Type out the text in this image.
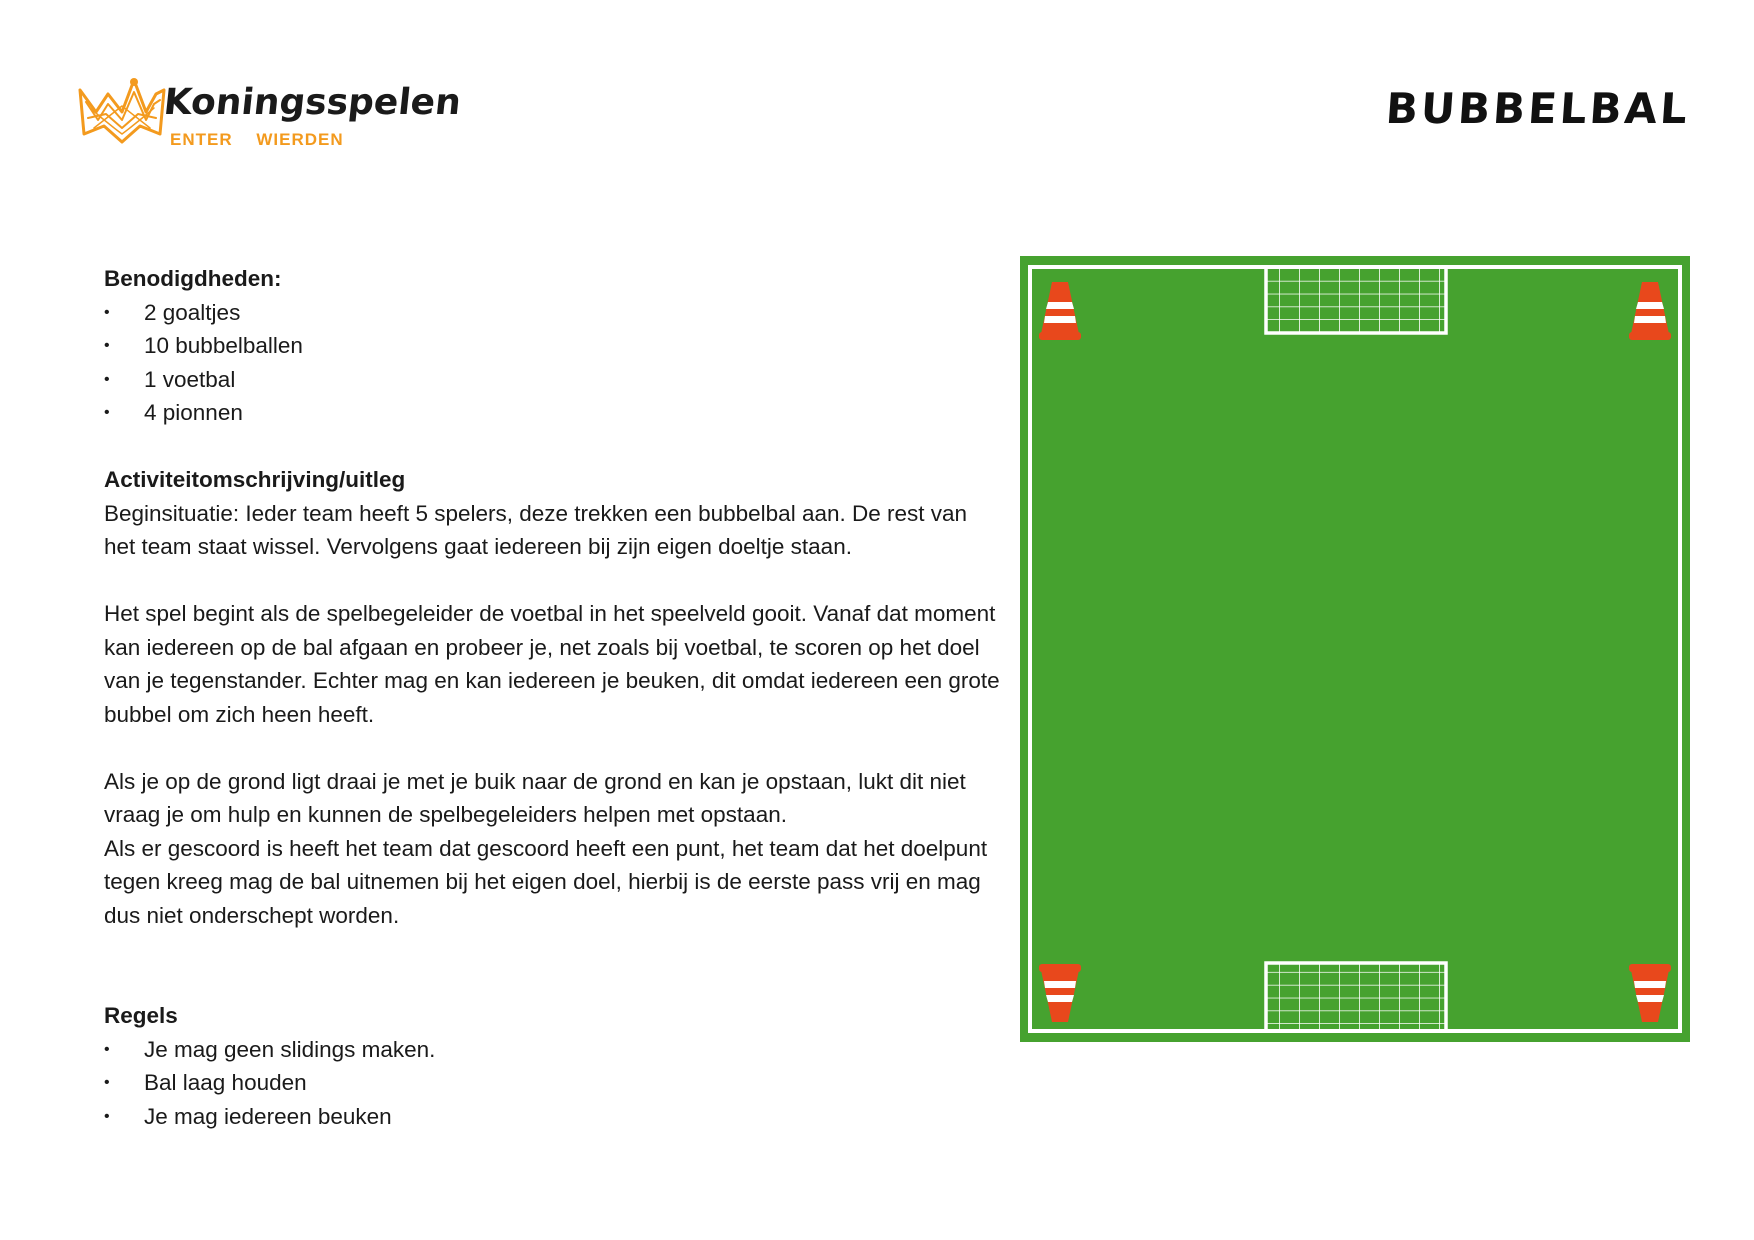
Koningsspelen
ENTER WIERDEN
BUBBELBAL
Benodigdheden:
• 2 goaltjes
• 10 bubbelballen
• 1 voetbal
• 4 pionnen
Activiteitomschrijving/uitleg

Beginsituatie: Ieder team heeft 5 spelers, deze trekken een bubbelbal aan. De rest van het team staat wissel. Vervolgens gaat iedereen bij zijn eigen doeltje staan.

Het spel begint als de spelbegeleider de voetbal in het speelveld gooit. Vanaf dat moment kan iedereen op de bal afgaan en probeer je, net zoals bij voetbal, te scoren op het doel van je tegenstander. Echter mag en kan iedereen je beuken, dit omdat iedereen een grote bubbel om zich heen heeft.

Als je op de grond ligt draai je met je buik naar de grond en kan je opstaan, lukt dit niet vraag je om hulp en kunnen de spelbegeleiders helpen met opstaan.

Als er gescoord is heeft het team dat gescoord heeft een punt, het team dat het doelpunt tegen kreeg mag de bal uitnemen bij het eigen doel, hierbij is de eerste pass vrij en mag dus niet onderschept worden.

Regels
• Je mag geen slidings maken.
• Bal laag houden
• Je mag iedereen beuken
